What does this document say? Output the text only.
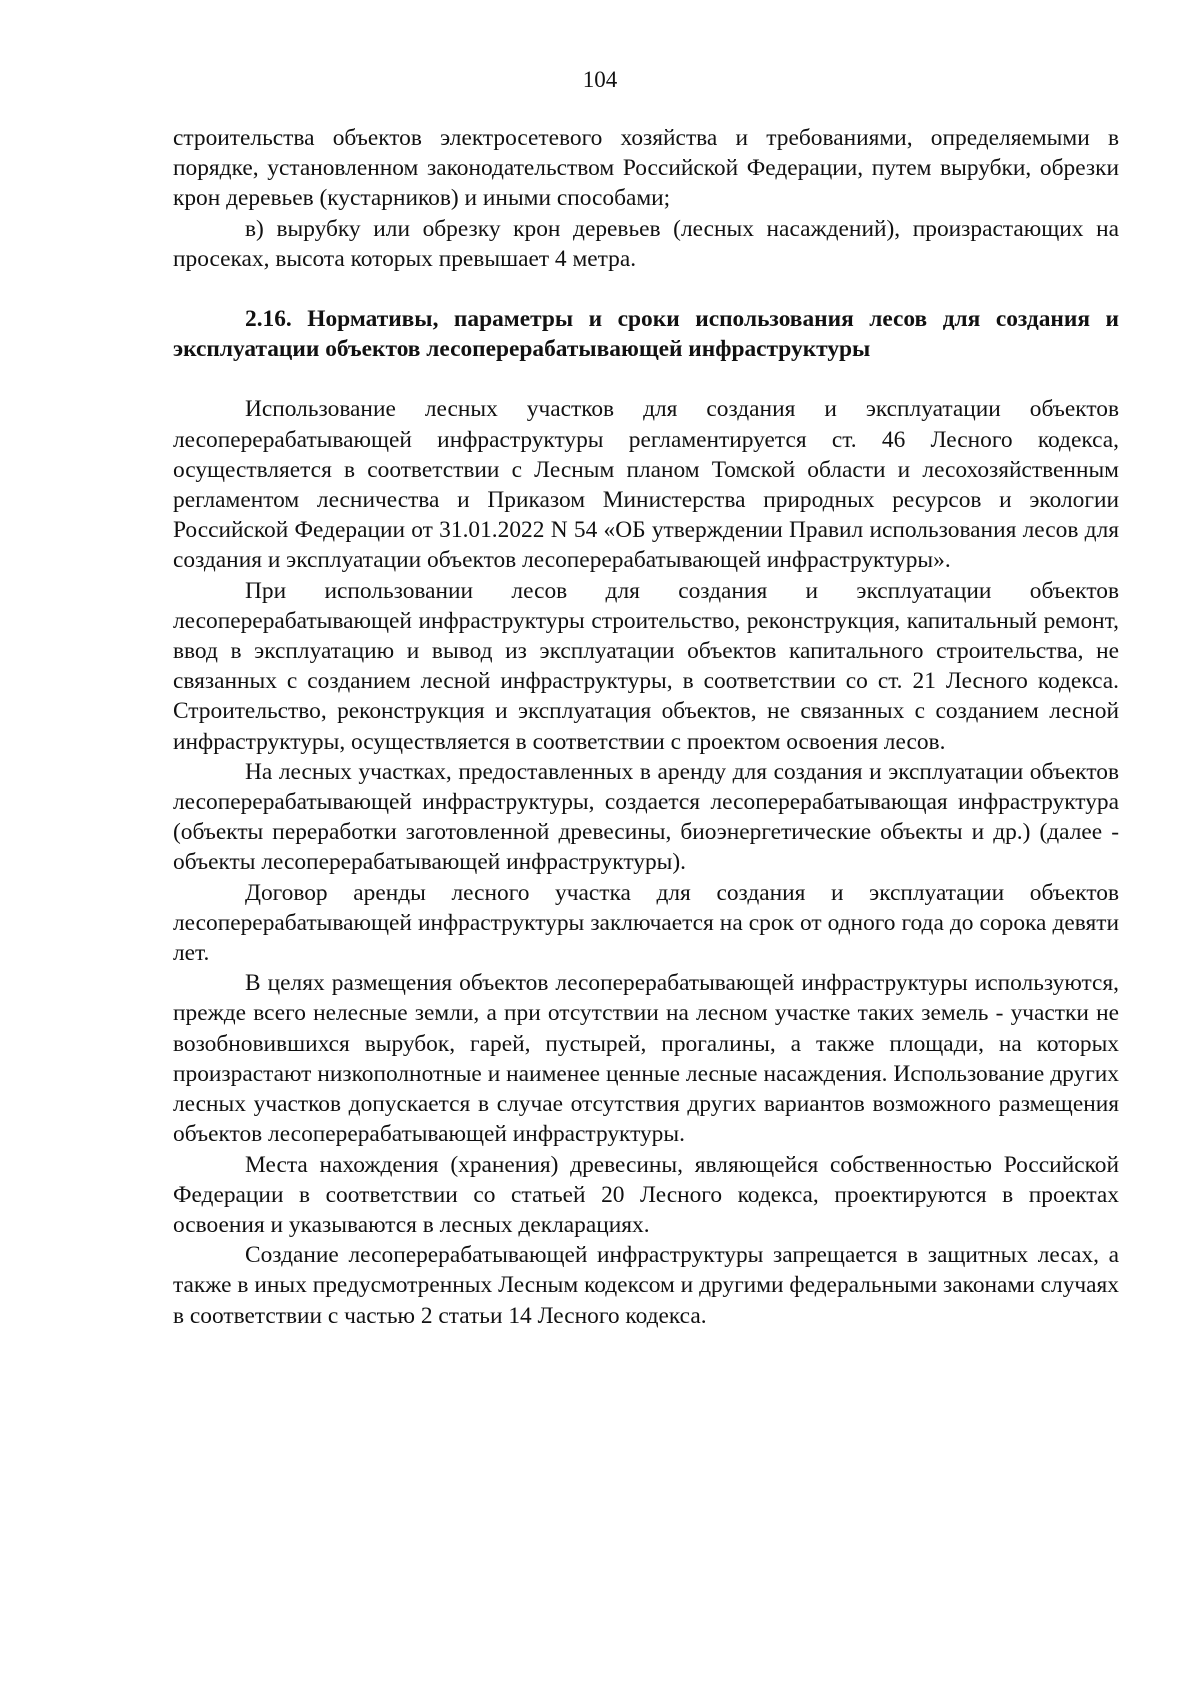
104

строительства объектов электросетевого хозяйства и требованиями, определяемыми в порядке, установленном законодательством Российской Федерации, путем вырубки, обрезки крон деревьев (кустарников) и иными способами;

в) вырубку или обрезку крон деревьев (лесных насаждений), произрастающих на просеках, высота которых превышает 4 метра.

2.16. Нормативы, параметры и сроки использования лесов для создания и эксплуатации объектов лесоперерабатывающей инфраструктуры

Использование лесных участков для создания и эксплуатации объектов лесоперерабатывающей инфраструктуры регламентируется ст. 46 Лесного кодекса, осуществляется в соответствии с Лесным планом Томской области и лесохозяйственным регламентом лесничества и Приказом Министерства природных ресурсов и экологии Российской Федерации от 31.01.2022 N 54 «ОБ утверждении Правил использования лесов для создания и эксплуатации объектов лесоперерабатывающей инфраструктуры».

При использовании лесов для создания и эксплуатации объектов лесоперерабатывающей инфраструктуры строительство, реконструкция, капитальный ремонт, ввод в эксплуатацию и вывод из эксплуатации объектов капитального строительства, не связанных с созданием лесной инфраструктуры, в соответствии со ст. 21 Лесного кодекса. Строительство, реконструкция и эксплуатация объектов, не связанных с созданием лесной инфраструктуры, осуществляется в соответствии с проектом освоения лесов.

На лесных участках, предоставленных в аренду для создания и эксплуатации объектов лесоперерабатывающей инфраструктуры, создается лесоперерабатывающая инфраструктура (объекты переработки заготовленной древесины, биоэнергетические объекты и др.) (далее - объекты лесоперерабатывающей инфраструктуры).

Договор аренды лесного участка для создания и эксплуатации объектов лесоперерабатывающей инфраструктуры заключается на срок от одного года до сорока девяти лет.

В целях размещения объектов лесоперерабатывающей инфраструктуры используются, прежде всего нелесные земли, а при отсутствии на лесном участке таких земель - участки не возобновившихся вырубок, гарей, пустырей, прогалины, а также площади, на которых произрастают низкополнотные и наименее ценные лесные насаждения. Использование других лесных участков допускается в случае отсутствия других вариантов возможного размещения объектов лесоперерабатывающей инфраструктуры.

Места нахождения (хранения) древесины, являющейся собственностью Российской Федерации в соответствии со статьей 20 Лесного кодекса, проектируются в проектах освоения и указываются в лесных декларациях.

Создание лесоперерабатывающей инфраструктуры запрещается в защитных лесах, а также в иных предусмотренных Лесным кодексом и другими федеральными законами случаях в соответствии с частью 2 статьи 14 Лесного кодекса.
